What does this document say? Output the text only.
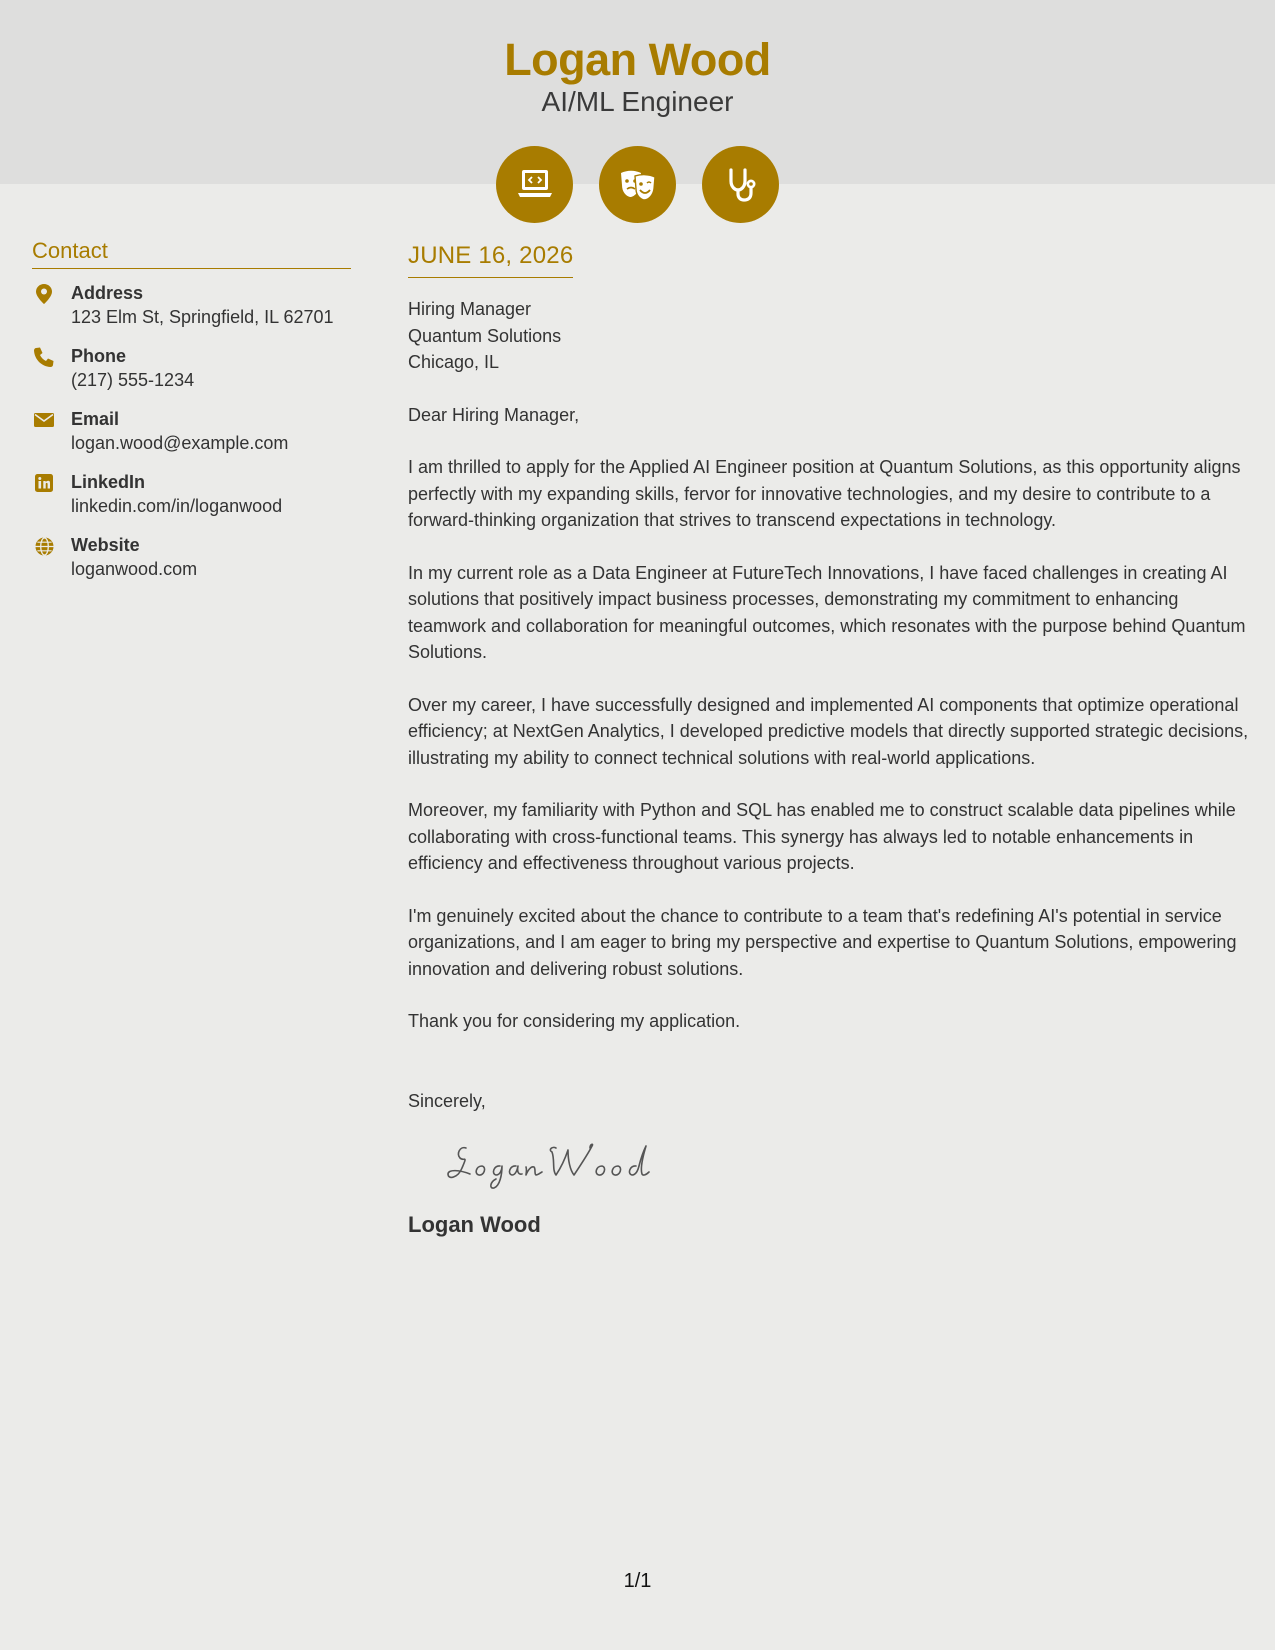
Logan Wood
AI/ML Engineer
Contact
Address
123 Elm St, Springfield, IL 62701
Phone
(217) 555-1234
Email
logan.wood@example.com
LinkedIn
linkedin.com/in/loganwood
Website
loganwood.com
JUNE 16, 2026
Hiring Manager
Quantum Solutions
Chicago, IL

Dear Hiring Manager,

I am thrilled to apply for the Applied AI Engineer position at Quantum Solutions, as this opportunity aligns perfectly with my expanding skills, fervor for innovative technologies, and my desire to contribute to a forward-thinking organization that strives to transcend expectations in technology.

In my current role as a Data Engineer at FutureTech Innovations, I have faced challenges in creating AI solutions that positively impact business processes, demonstrating my commitment to enhancing teamwork and collaboration for meaningful outcomes, which resonates with the purpose behind Quantum Solutions.

Over my career, I have successfully designed and implemented AI components that optimize operational efficiency; at NextGen Analytics, I developed predictive models that directly supported strategic decisions, illustrating my ability to connect technical solutions with real-world applications.

Moreover, my familiarity with Python and SQL has enabled me to construct scalable data pipelines while collaborating with cross-functional teams. This synergy has always led to notable enhancements in efficiency and effectiveness throughout various projects.

I'm genuinely excited about the chance to contribute to a team that's redefining AI's potential in service organizations, and I am eager to bring my perspective and expertise to Quantum Solutions, empowering innovation and delivering robust solutions.

Thank you for considering my application.

Sincerely,
Logan Wood
1/1
